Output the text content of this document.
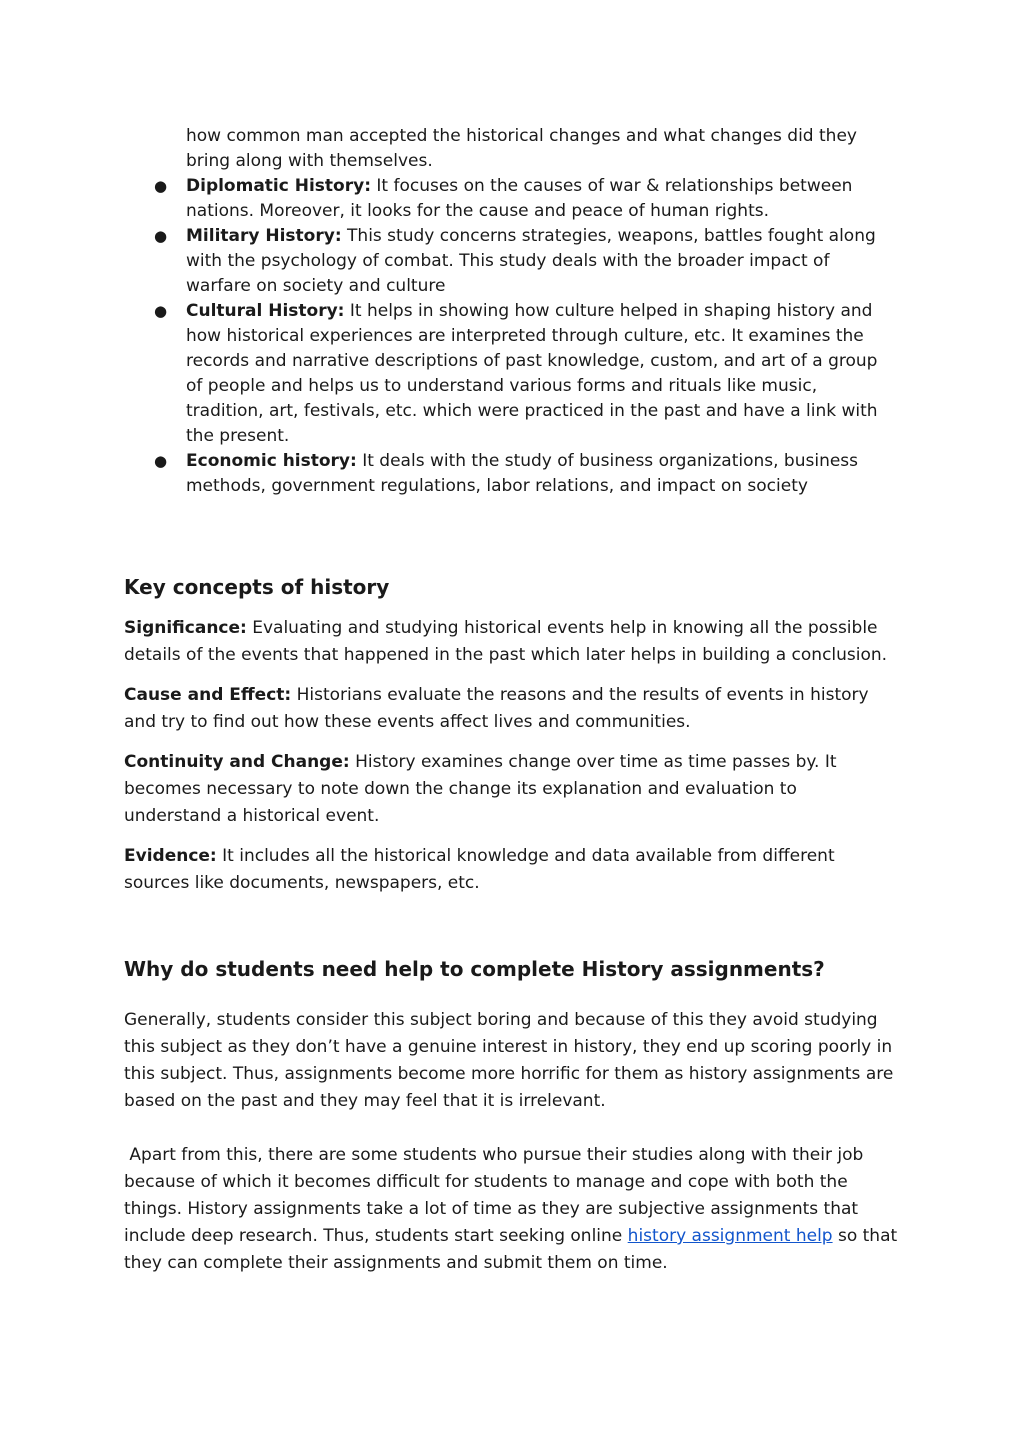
how common man accepted the historical changes and what changes did they bring along with themselves.

● Diplomatic History: It focuses on the causes of war & relationships between nations. Moreover, it looks for the cause and peace of human rights.
● Military History: This study concerns strategies, weapons, battles fought along with the psychology of combat. This study deals with the broader impact of warfare on society and culture
● Cultural History: It helps in showing how culture helped in shaping history and how historical experiences are interpreted through culture, etc. It examines the records and narrative descriptions of past knowledge, custom, and art of a group of people and helps us to understand various forms and rituals like music, tradition, art, festivals, etc. which were practiced in the past and have a link with the present.
● Economic history: It deals with the study of business organizations, business methods, government regulations, labor relations, and impact on society
Key concepts of history

Significance: Evaluating and studying historical events help in knowing all the possible details of the events that happened in the past which later helps in building a conclusion.

Cause and Effect: Historians evaluate the reasons and the results of events in history and try to find out how these events affect lives and communities.

Continuity and Change: History examines change over time as time passes by. It becomes necessary to note down the change its explanation and evaluation to understand a historical event.

Evidence: It includes all the historical knowledge and data available from different sources like documents, newspapers, etc.

Why do students need help to complete History assignments?

Generally, students consider this subject boring and because of this they avoid studying this subject as they don’t have a genuine interest in history, they end up scoring poorly in this subject. Thus, assignments become more horrific for them as history assignments are based on the past and they may feel that it is irrelevant.

Apart from this, there are some students who pursue their studies along with their job because of which it becomes difficult for students to manage and cope with both the things. History assignments take a lot of time as they are subjective assignments that include deep research. Thus, students start seeking online history assignment help so that they can complete their assignments and submit them on time.
